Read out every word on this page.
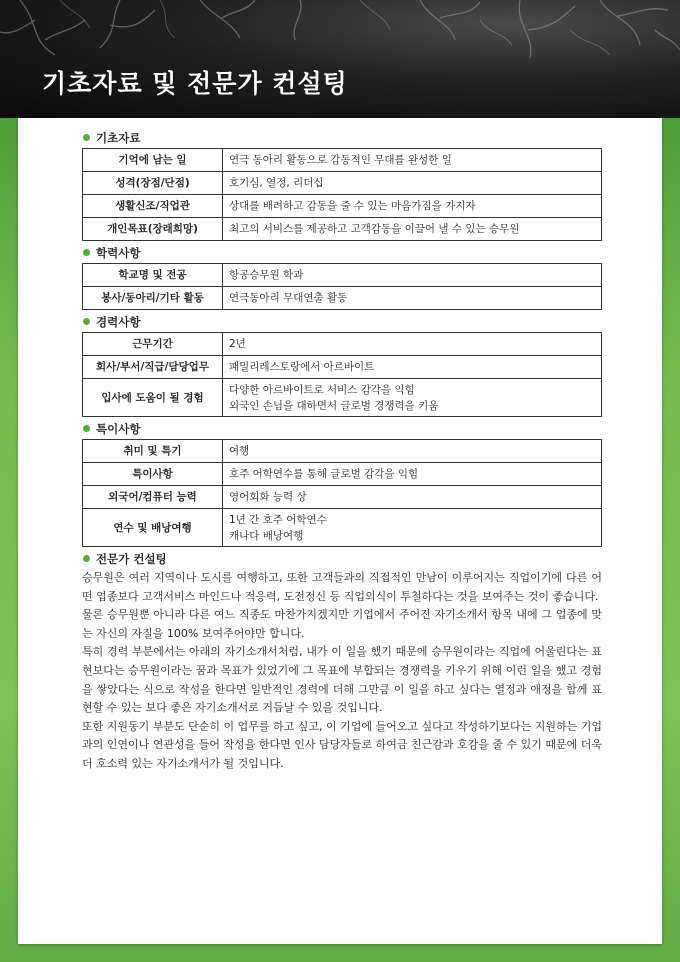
기초자료 및 전문가 컨설팅
기초자료
기억에 남는 일	연극 동아리 활동으로 감동적인 무대를 완성한 일
성격(장점/단점)	호기심, 열정, 리더십
생활신조/직업관	상대를 배려하고 감동을 줄 수 있는 마음가짐을 가지자
개인목표(장래희망)	최고의 서비스를 제공하고 고객감동을 이끌어 낼 수 있는 승무원
학력사항
학교명 및 전공	항공승무원 학과
봉사/동아리/기타 활동	연극동아리 무대연출 활동
경력사항
근무기간	2년
회사/부서/직급/담당업무	패밀리레스토랑에서 아르바이트
입사에 도움이 될 경험	다양한 아르바이트로 서비스 감각을 익힘
외국인 손님을 대하면서 글로벌 경쟁력을 키움
특이사항
취미 및 특기	여행
특이사항	호주 어학연수를 통해 글로벌 감각을 익힘
외국어/컴퓨터 능력	영어회화 능력 상
연수 및 배낭여행	1년 간 호주 어학연수
캐나다 배낭여행
전문가 컨설팅
승무원은 여러 지역이나 도시를 여행하고, 또한 고객들과의 직접적인 만남이 이루어지는 직업이기에 다른 어떤 업종보다 고객서비스 마인드나 적응력, 도전정신 등 직업의식이 투철하다는 것을 보여주는 것이 좋습니다.
물론 승무원뿐 아니라 다른 여느 직종도 마찬가지겠지만 기업에서 주어진 자기소개서 항목 내에 그 업종에 맞는 자신의 자질을 100% 보여주어야만 합니다.
특히 경력 부분에서는 아래의 자기소개서처럼, 내가 이 일을 했기 때문에 승무원이라는 직업에 어울린다는 표현보다는 승무원이라는 꿈과 목표가 있었기에 그 목표에 부합되는 경쟁력을 키우기 위해 이런 일을 했고 경험을 쌓았다는 식으로 작성을 한다면 일반적인 경력에 더해 그만큼 이 일을 하고 싶다는 열정과 애정을 함께 표현할 수 있는 보다 좋은 자기소개서로 거듭날 수 있을 것입니다.
또한 지원동기 부분도 단순히 이 업무를 하고 싶고, 이 기업에 들어오고 싶다고 작성하기보다는 지원하는 기업과의 인연이나 연관성을 들어 작성을 한다면 인사 담당자들로 하여금 친근감과 호감을 줄 수 있기 때문에 더욱 더 호소력 있는 자기소개서가 될 것입니다.
